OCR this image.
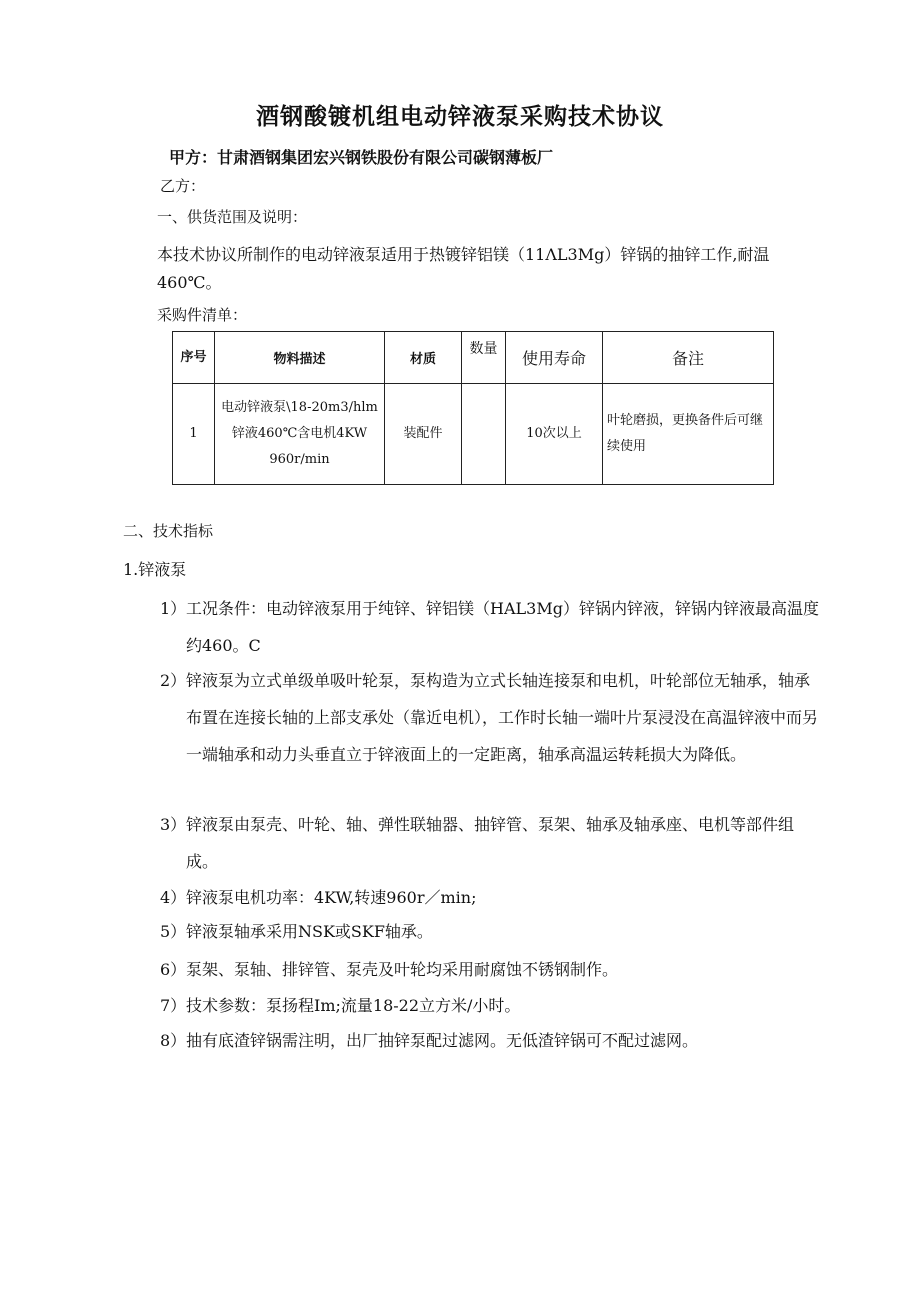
酒钢酸镀机组电动锌液泵采购技术协议
甲方：甘肃酒钢集团宏兴钢铁股份有限公司碳钢薄板厂
乙方：
一、供货范围及说明：
本技术协议所制作的电动锌液泵适用于热镀锌铝镁（11ΛL3Mg）锌锅的抽锌工作,耐温460℃。
采购件清单：
序号	物料描述	材质	数量	使用寿命	备注
1	电动锌液泵\18-20m3/hlm
锌液460℃含电机4KW
960r/min	装配件		10次以上	叶轮磨损，更换备件后可继续使用
二、技术指标
1.锌液泵
1） 工况条件：电动锌液泵用于纯锌、锌铝镁（HAL3Mg）锌锅内锌液，锌锅内锌液最高温度约460。C
2） 锌液泵为立式单级单吸叶轮泵，泵构造为立式长轴连接泵和电机，叶轮部位无轴承，轴承布置在连接长轴的上部支承处（靠近电机），工作时长轴一端叶片泵浸没在高温锌液中而另一端轴承和动力头垂直立于锌液面上的一定距离，轴承高温运转耗损大为降低。
3） 锌液泵由泵壳、叶轮、轴、弹性联轴器、抽锌管、泵架、轴承及轴承座、电机等部件组成。
4） 锌液泵电机功率：4KW,转速960r／min;
5） 锌液泵轴承采用NSK或SKF轴承。
6） 泵架、泵轴、排锌管、泵壳及叶轮均采用耐腐蚀不锈钢制作。
7） 技术参数：泵扬程Im;流量18-22立方米/小时。
8） 抽有底渣锌锅需注明，出厂抽锌泵配过滤网。无低渣锌锅可不配过滤网。
